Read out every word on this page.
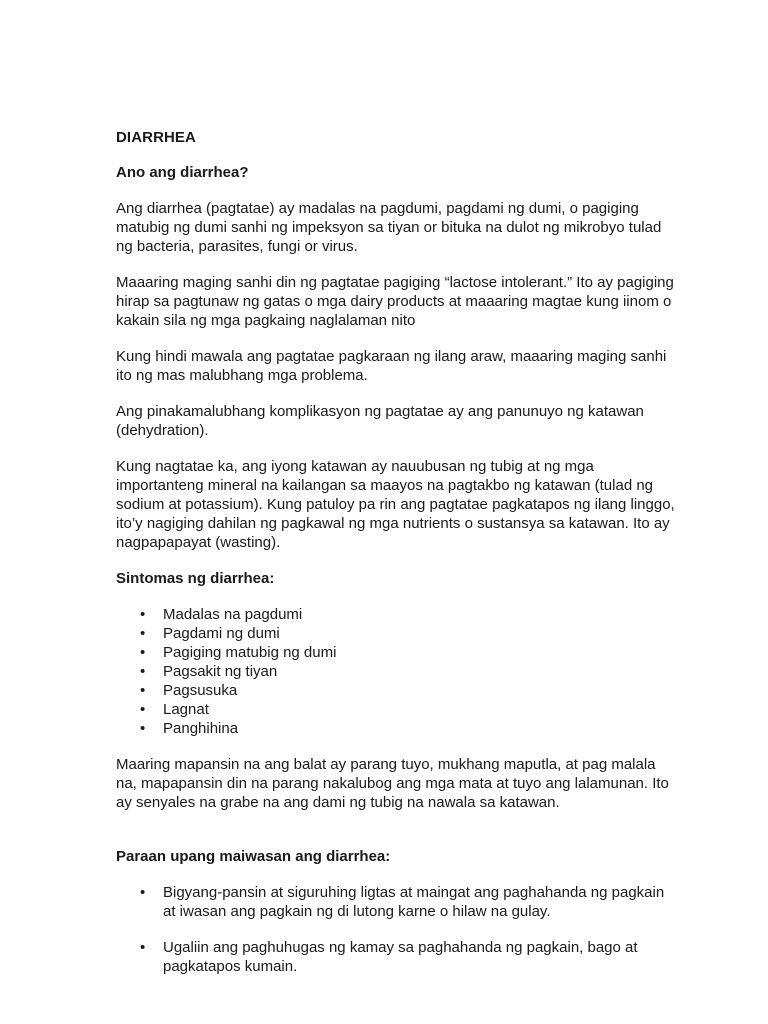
DIARRHEA
Ano ang diarrhea?

Ang diarrhea (pagtatae) ay madalas na pagdumi, pagdami ng dumi, o pagiging matubig ng dumi sanhi ng impeksyon sa tiyan or bituka na dulot ng mikrobyo tulad ng bacteria, parasites, fungi or virus.

Maaaring maging sanhi din ng pagtatae pagiging “lactose intolerant.” Ito ay pagiging hirap sa pagtunaw ng gatas o mga dairy products at maaaring magtae kung iinom o kakain sila ng mga pagkaing naglalaman nito

Kung hindi mawala ang pagtatae pagkaraan ng ilang araw, maaaring maging sanhi ito ng mas malubhang mga problema.

Ang pinakamalubhang komplikasyon ng pagtatae ay ang panunuyo ng katawan (dehydration).

Kung nagtatae ka, ang iyong katawan ay nauubusan ng tubig at ng mga importanteng mineral na kailangan sa maayos na pagtakbo ng katawan (tulad ng sodium at potassium). Kung patuloy pa rin ang pagtatae pagkatapos ng ilang linggo, ito’y nagiging dahilan ng pagkawal ng mga nutrients o sustansya sa katawan. Ito ay nagpapapayat (wasting).

Sintomas ng diarrhea:
• Madalas na pagdumi
• Pagdami ng dumi
• Pagiging matubig ng dumi
• Pagsakit ng tiyan
• Pagsusuka
• Lagnat
• Panghihina

Maaring mapansin na ang balat ay parang tuyo, mukhang maputla, at pag malala na, mapapansin din na parang nakalubog ang mga mata at tuyo ang lalamunan. Ito ay senyales na grabe na ang dami ng tubig na nawala sa katawan.

Paraan upang maiwasan ang diarrhea:
• Bigyang-pansin at siguruhing ligtas at maingat ang paghahanda ng pagkain at iwasan ang pagkain ng di lutong karne o hilaw na gulay.
• Ugaliin ang paghuhugas ng kamay sa paghahanda ng pagkain, bago at pagkatapos kumain.
